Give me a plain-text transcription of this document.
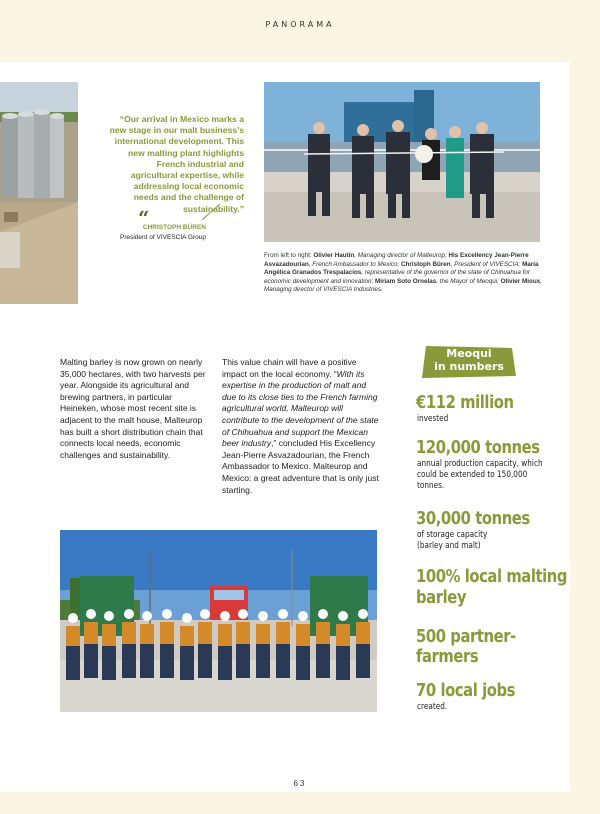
PANORAMA
“Our arrival in Mexico marks a new stage in our malt business’s international development. This new malting plant highlights French industrial and agricultural expertise, while addressing local economic needs and the challenge of sustainability.”
“
CHRISTOPH BÜREN
President of VIVESCIA Group
From left to right: Olivier Hautin, Managing director of Malteurop; His Excellency Jean-Pierre Asvazadourian, French Ambassador to Mexico; Christoph Büren, President of VIVESCIA; María Angélica Granados Trespalacios, representative of the governor of the state of Chihuahua for economic development and innovation; Miriam Soto Ornelas, the Mayor of Meoqui; Olivier Mioux, Managing director of VIVESCIA Industries.
Malting barley is now grown on nearly 35,000 hectares, with two harvests per year. Alongside its agricultural and brewing partners, in particular Heineken, whose most recent site is adjacent to the malt house, Malteurop has built a short distribution chain that connects local needs, economic challenges and sustainability.
This value chain will have a positive impact on the local economy. “With its expertise in the production of malt and due to its close ties to the French farming agricultural world, Malteurop will contribute to the development of the state of Chihuahua and support the Mexican beer industry,” concluded His Excellency Jean-Pierre Asvazadourian, the French Ambassador to Mexico. Malteurop and Mexico: a great adventure that is only just starting.
Meoqui
in numbers
€112 million
invested
120,000 tonnes
annual production capacity, which could be extended to 150,000 tonnes.
30,000 tonnes
of storage capacity (barley and malt)
100% local malting
barley
500 partner-
farmers
70 local jobs
created.
63
